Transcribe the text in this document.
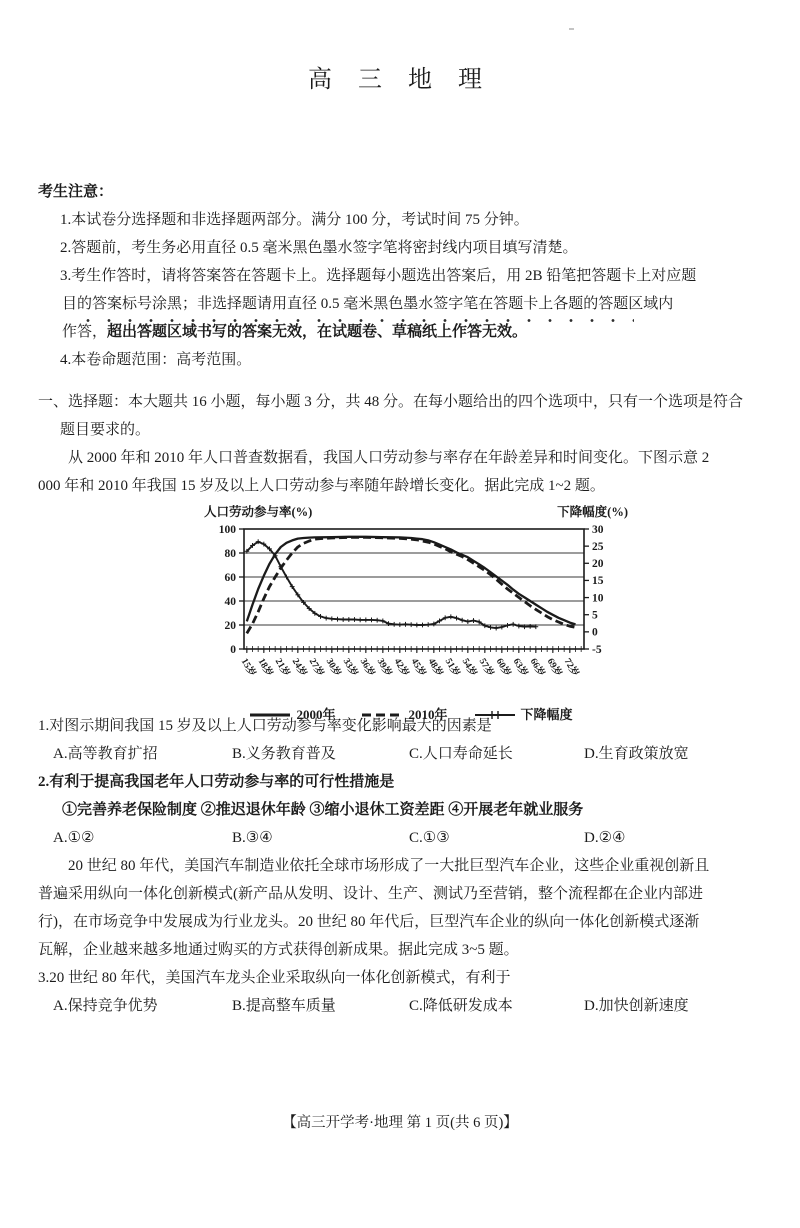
高 三 地 理
考生注意：
1.本试卷分选择题和非选择题两部分。满分 100 分，考试时间 75 分钟。
2.答题前，考生务必用直径 0.5 毫米黑色墨水签字笔将密封线内项目填写清楚。
3.考生作答时，请将答案答在答题卡上。选择题每小题选出答案后，用 2B 铅笔把答题卡上对应题
目的答案标号涂黑；非选择题请用直径 0.5 毫米黑色墨水签字笔在答题卡上各题的答题区域内
作答，超出答题区域书写的答案无效，在试题卷、草稿纸上作答无效。
4.本卷命题范围：高考范围。
一、选择题：本大题共 16 小题，每小题 3 分，共 48 分。在每小题给出的四个选项中，只有一个选项是符合
题目要求的。
从 2000 年和 2010 年人口普查数据看，我国人口劳动参与率存在年龄差异和时间变化。下图示意 2
000 年和 2010 年我国 15 岁及以上人口劳动参与率随年龄增长变化。据此完成 1~2 题。
人口劳动参与率(%)	下降幅度(%)
0
20
40
60
80
100
-5
0
5
10
15
20
25
30
15岁
18岁
21岁
24岁
27岁
30岁
33岁
36岁
39岁
42岁
45岁
48岁
51岁
54岁
57岁
60岁
63岁
66岁
69岁
72岁
2000年	2010年	下降幅度
1.对图示期间我国 15 岁及以上人口劳动参与率变化影响最大的因素是
A.高等教育扩招	B.义务教育普及	C.人口寿命延长	D.生育政策放宽
2.有利于提高我国老年人口劳动参与率的可行性措施是
①完善养老保险制度 ②推迟退休年龄 ③缩小退休工资差距 ④开展老年就业服务
A.①②	B.③④	C.①③	D.②④
20 世纪 80 年代，美国汽车制造业依托全球市场形成了一大批巨型汽车企业，这些企业重视创新且
普遍采用纵向一体化创新模式(新产品从发明、设计、生产、测试乃至营销，整个流程都在企业内部进
行)，在市场竞争中发展成为行业龙头。20 世纪 80 年代后，巨型汽车企业的纵向一体化创新模式逐渐
瓦解，企业越来越多地通过购买的方式获得创新成果。据此完成 3~5 题。
3.20 世纪 80 年代，美国汽车龙头企业采取纵向一体化创新模式，有利于
A.保持竞争优势	B.提高整车质量	C.降低研发成本	D.加快创新速度
【高三开学考·地理 第 1 页(共 6 页)】
